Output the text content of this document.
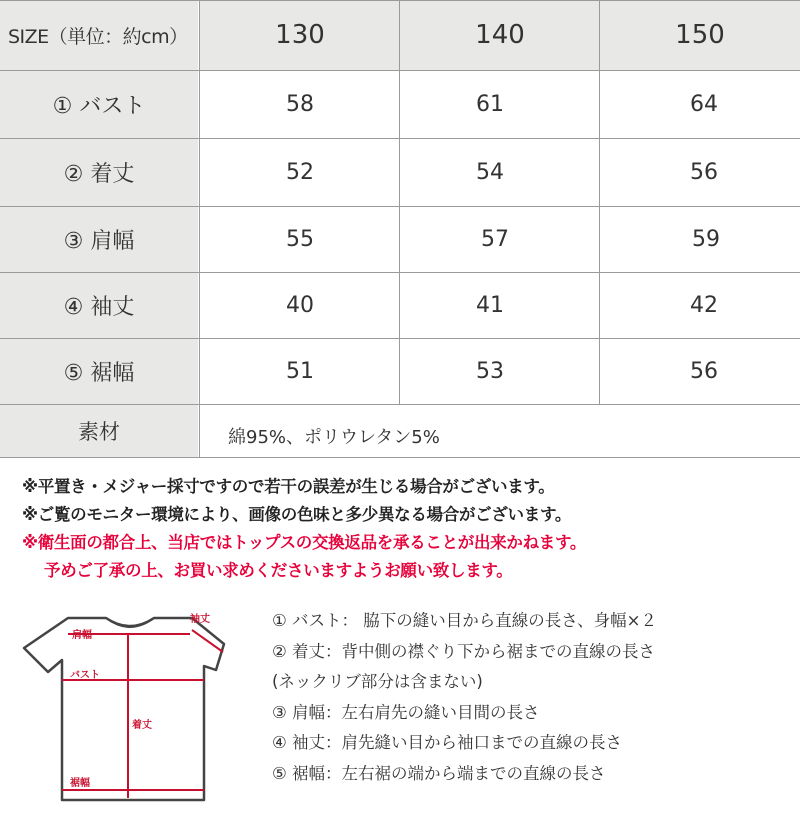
SIZE（単位：約cm）	130	140	150
① バスト	58	61	64
② 着丈	52	54	56
③ 肩幅	55	57	59
④ 袖丈	40	41	42
⑤ 裾幅	51	53	56
素材	綿95%、ポリウレタン5%
※平置き・メジャー採寸ですので若干の誤差が生じる場合がございます。
※ご覧のモニター環境により、画像の色味と多少異なる場合がございます。
※衛生面の都合上、当店ではトップスの交換返品を承ることが出来かねます。
予めご了承の上、お買い求めくださいますようお願い致します。
肩幅
袖丈
バスト
着丈
裾幅
① バスト： 脇下の縫い目から直線の長さ、身幅×２
② 着丈：背中側の襟ぐり下から裾までの直線の長さ
(ネックリブ部分は含まない)
③ 肩幅：左右肩先の縫い目間の長さ
④ 袖丈：肩先縫い目から袖口までの直線の長さ
⑤ 裾幅：左右裾の端から端までの直線の長さ
